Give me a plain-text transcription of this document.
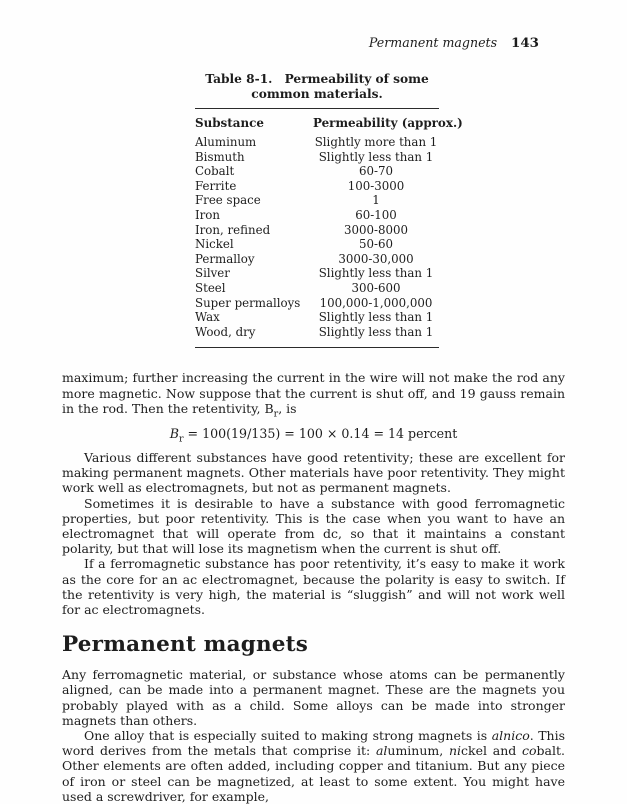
Permanent magnets 143
Table 8-1. Permeability of some
common materials.
Substance	Permeability (approx.)
Aluminum	Slightly more than 1
Bismuth	Slightly less than 1
Cobalt	60-70
Ferrite	100-3000
Free space	1
Iron	60-100
Iron, refined	3000-8000
Nickel	50-60
Permalloy	3000-30,000
Silver	Slightly less than 1
Steel	300-600
Super permalloys	100,000-1,000,000
Wax	Slightly less than 1
Wood, dry	Slightly less than 1

maximum; further increasing the current in the wire will not make the rod any more magnetic. Now suppose that the current is shut off, and 19 gauss remain in the rod. Then the retentivity, $B_r$, is

$B_r = 100(19/135) = 100 \times 0.14 = 14$ percent

Various different substances have good retentivity; these are excellent for making permanent magnets. Other materials have poor retentivity. They might work well as electromagnets, but not as permanent magnets.

Sometimes it is desirable to have a substance with good ferromagnetic properties, but poor retentivity. This is the case when you want to have an electromagnet that will operate from dc, so that it maintains a constant polarity, but that will lose its magnetism when the current is shut off.

If a ferromagnetic substance has poor retentivity, it’s easy to make it work as the core for an ac electromagnet, because the polarity is easy to switch. If the retentivity is very high, the material is “sluggish” and will not work well for ac electromagnets.

Permanent magnets

Any ferromagnetic material, or substance whose atoms can be permanently aligned, can be made into a permanent magnet. These are the magnets you probably played with as a child. Some alloys can be made into stronger magnets than others.

One alloy that is especially suited to making strong magnets is alnico. This word derives from the metals that comprise it: aluminum, nickel and cobalt. Other elements are often added, including copper and titanium. But any piece of iron or steel can be magnetized, at least to some extent. You might have used a screwdriver, for example,
